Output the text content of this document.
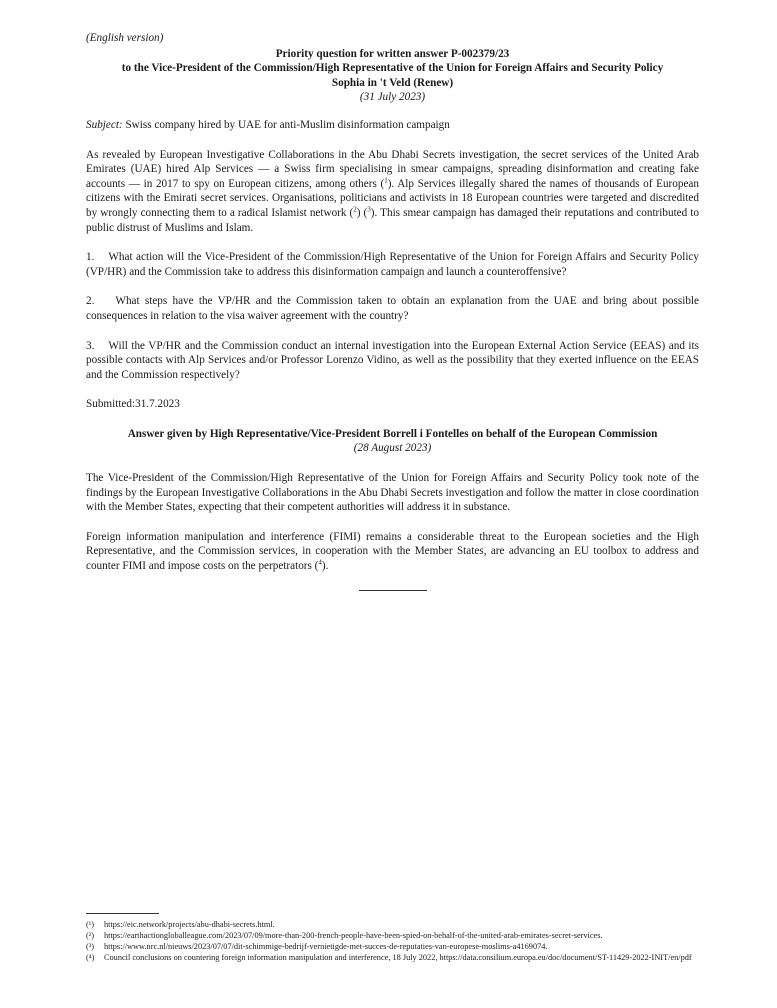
(English version)
Priority question for written answer P-002379/23
to the Vice-President of the Commission/High Representative of the Union for Foreign Affairs and Security Policy
Sophia in 't Veld (Renew)
(31 July 2023)
Subject: Swiss company hired by UAE for anti-Muslim disinformation campaign
As revealed by European Investigative Collaborations in the Abu Dhabi Secrets investigation, the secret services of the United Arab Emirates (UAE) hired Alp Services — a Swiss firm specialising in smear campaigns, spreading disinformation and creating fake accounts — in 2017 to spy on European citizens, among others ($^1$). Alp Services illegally shared the names of thousands of European citizens with the Emirati secret services. Organisations, politicians and activists in 18 European countries were targeted and discredited by wrongly connecting them to a radical Islamist network ($^2$) ($^3$). This smear campaign has damaged their reputations and contributed to public distrust of Muslims and Islam.
1.    What action will the Vice-President of the Commission/High Representative of the Union for Foreign Affairs and Security Policy (VP/HR) and the Commission take to address this disinformation campaign and launch a counteroffensive?
2.    What steps have the VP/HR and the Commission taken to obtain an explanation from the UAE and bring about possible consequences in relation to the visa waiver agreement with the country?
3.    Will the VP/HR and the Commission conduct an internal investigation into the European External Action Service (EEAS) and its possible contacts with Alp Services and/or Professor Lorenzo Vidino, as well as the possibility that they exerted influence on the EEAS and the Commission respectively?
Submitted:31.7.2023
Answer given by High Representative/Vice-President Borrell i Fontelles on behalf of the European Commission
(28 August 2023)
The Vice-President of the Commission/High Representative of the Union for Foreign Affairs and Security Policy took note of the findings by the European Investigative Collaborations in the Abu Dhabi Secrets investigation and follow the matter in close coordination with the Member States, expecting that their competent authorities will address it in substance.
Foreign information manipulation and interference (FIMI) remains a considerable threat to the European societies and the High Representative, and the Commission services, in cooperation with the Member States, are advancing an EU toolbox to address and counter FIMI and impose costs on the perpetrators ($^4$).
(¹) https://eic.network/projects/abu-dhabi-secrets.html.
(²) https://earthactiongloballeague.com/2023/07/09/more-than-200-french-people-have-been-spied-on-behalf-of-the-united-arab-emirates-secret-services.
(³) https://www.nrc.nl/nieuws/2023/07/07/dit-schimmige-bedrijf-vernietigde-met-succes-de-reputaties-van-europese-moslims-a4169074.
(⁴) Council conclusions on countering foreign information manipulation and interference, 18 July 2022, https://data.consilium.europa.eu/doc/document/ST-11429-2022-INIT/en/pdf
